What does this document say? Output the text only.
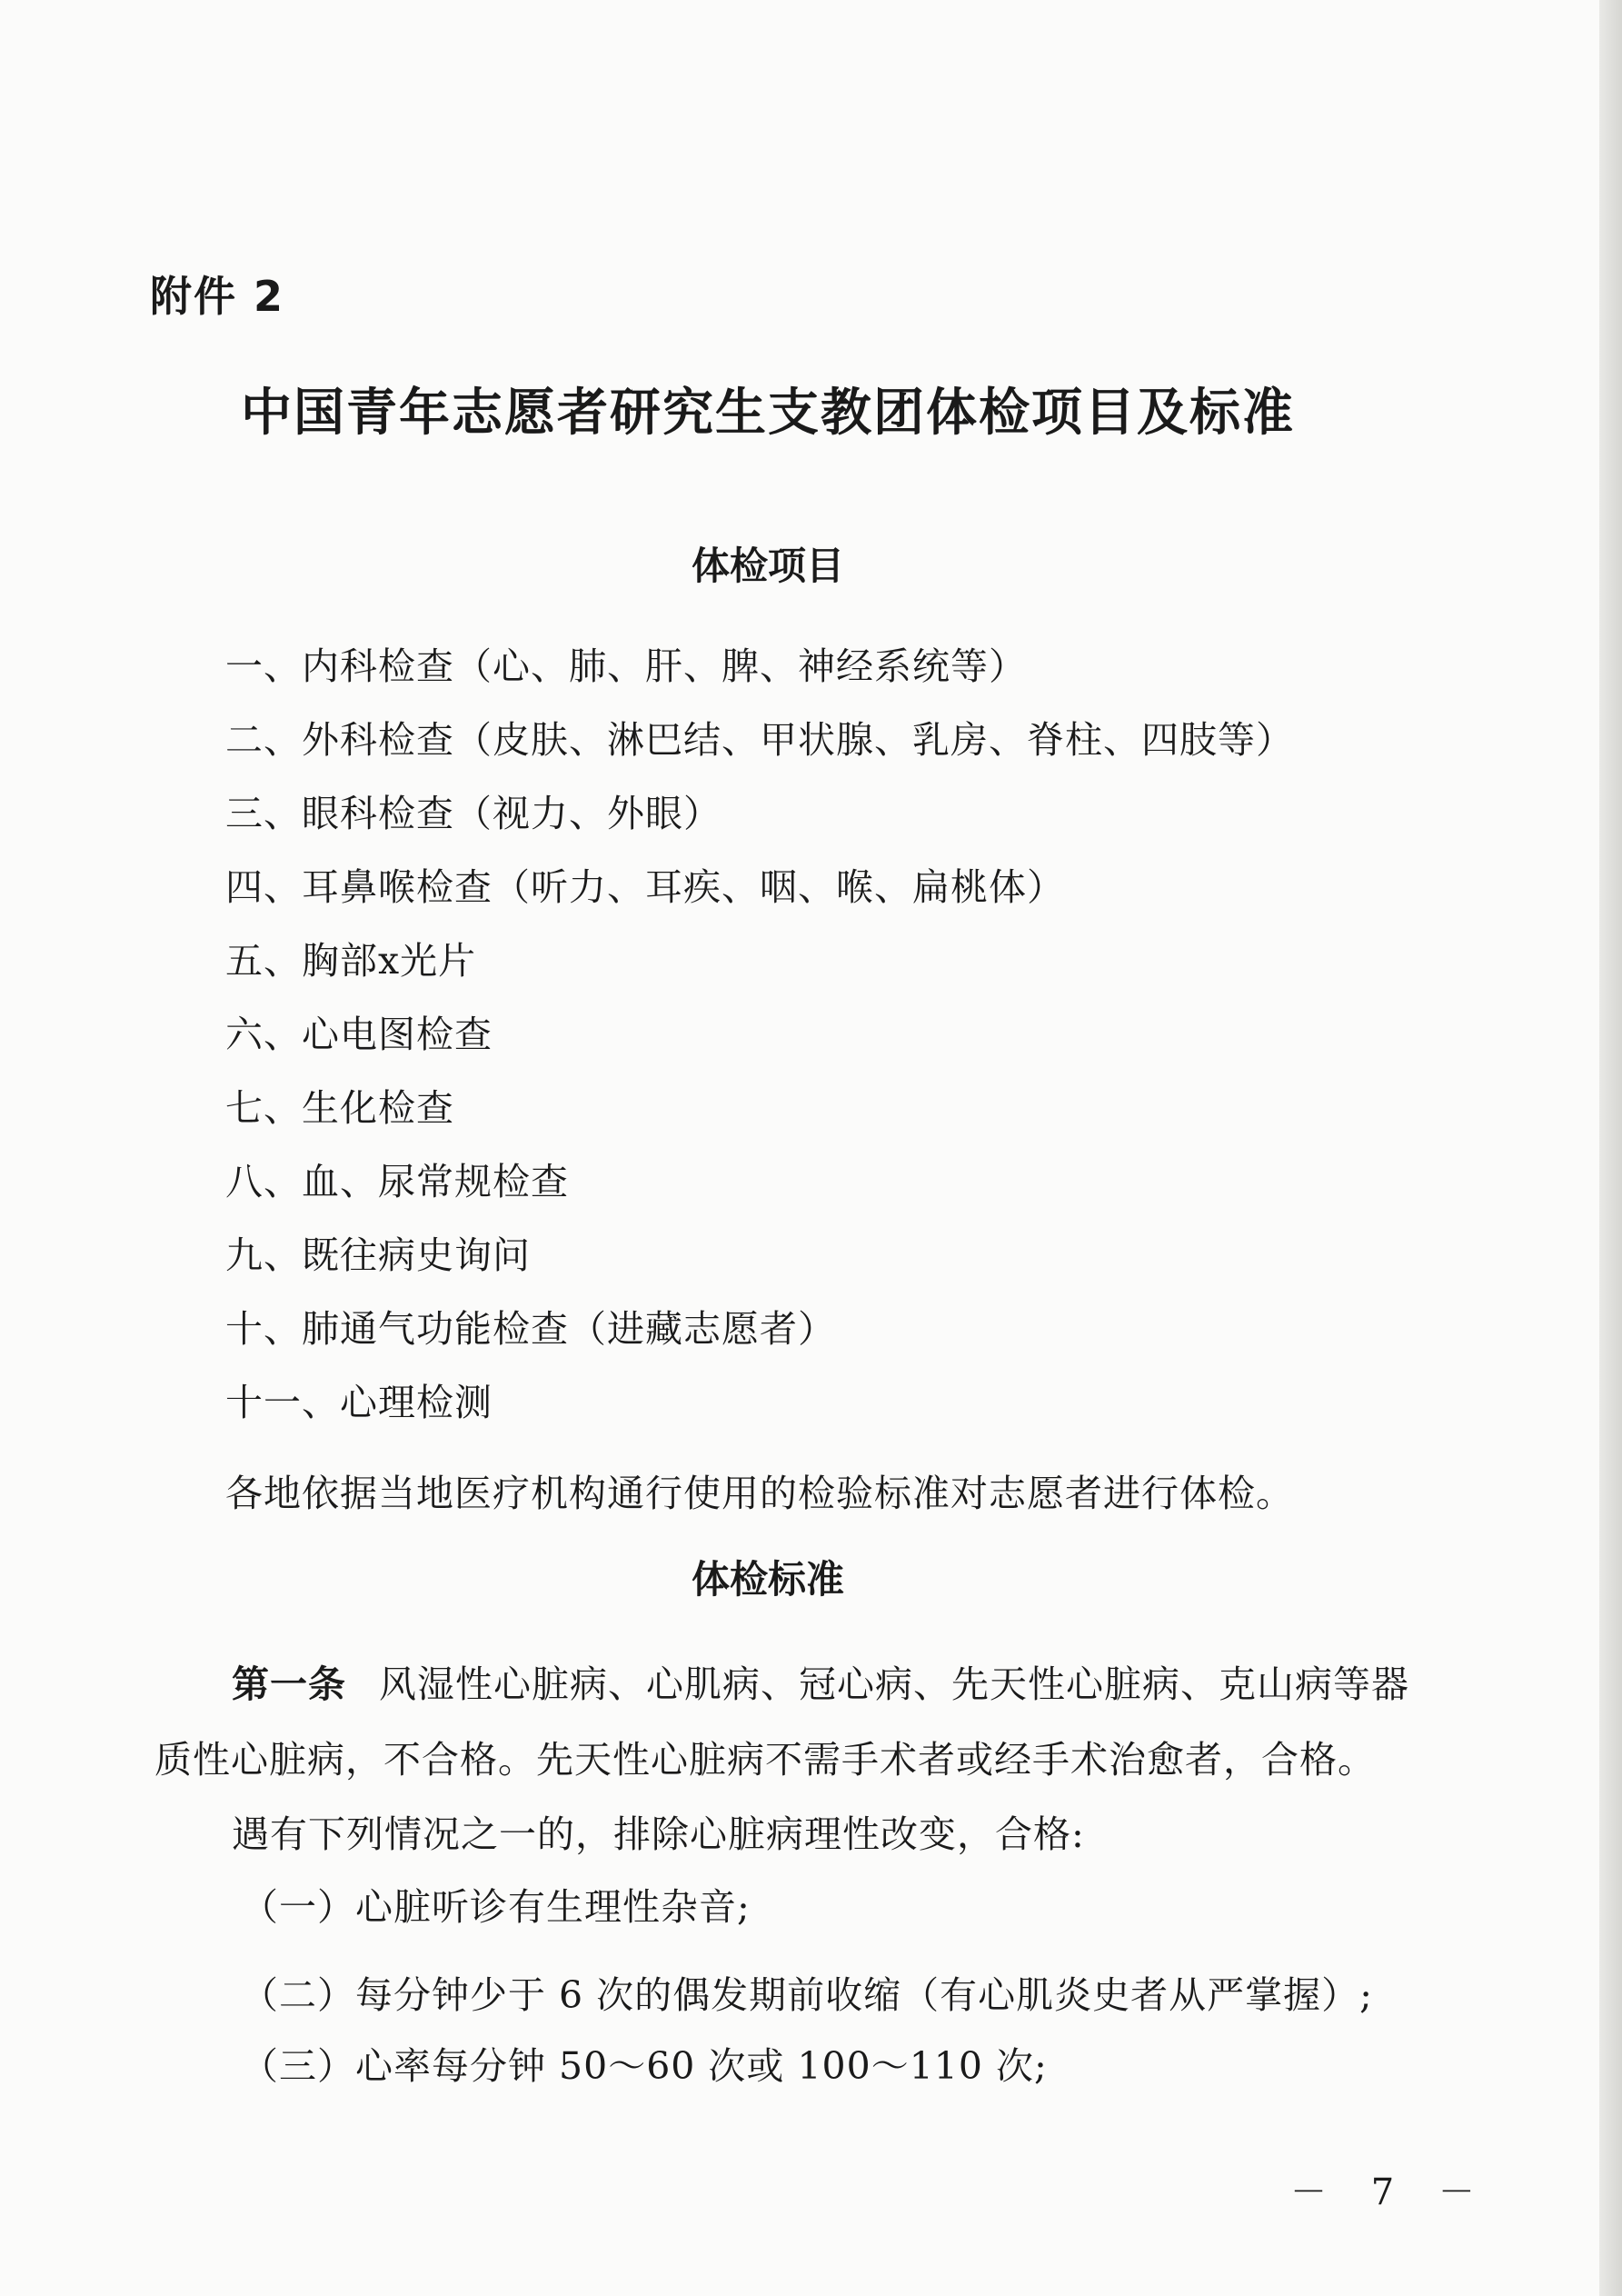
附件 2
中国青年志愿者研究生支教团体检项目及标准
体检项目
一、内科检查（心、肺、肝、脾、神经系统等）
二、外科检查（皮肤、淋巴结、甲状腺、乳房、脊柱、四肢等）
三、眼科检查（视力、外眼）
四、耳鼻喉检查（听力、耳疾、咽、喉、扁桃体）
五、胸部x光片
六、心电图检查
七、生化检查
八、血、尿常规检查
九、既往病史询问
十、肺通气功能检查（进藏志愿者）
十一、心理检测
各地依据当地医疗机构通行使用的检验标准对志愿者进行体检。
体检标准
第一条 风湿性心脏病、心肌病、冠心病、先天性心脏病、克山病等器
质性心脏病，不合格。先天性心脏病不需手术者或经手术治愈者，合格。
遇有下列情况之一的，排除心脏病理性改变，合格:
（一）心脏听诊有生理性杂音;
（二）每分钟少于 6 次的偶发期前收缩（有心肌炎史者从严掌握）;
（三）心率每分钟 50～60 次或 100～110 次;
－ 7 －
